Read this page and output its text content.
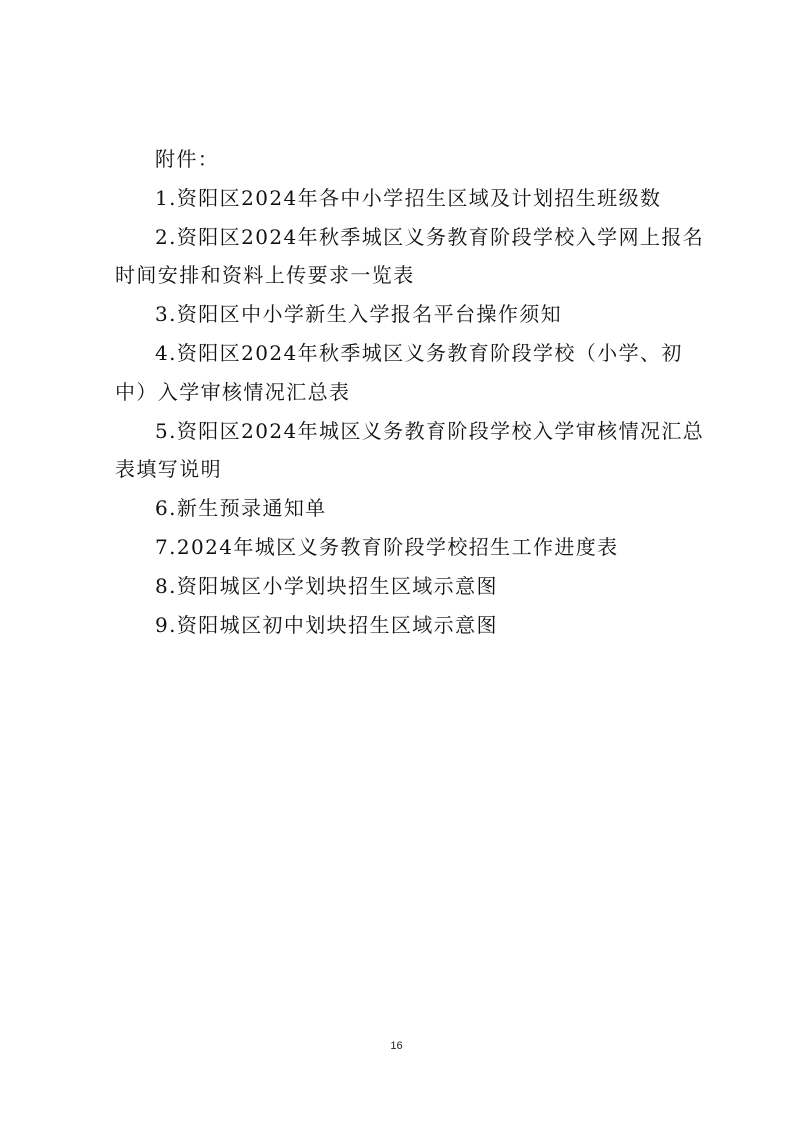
附件：

1.资阳区2024年各中小学招生区域及计划招生班级数

2.资阳区2024年秋季城区义务教育阶段学校入学网上报名时间安排和资料上传要求一览表

3.资阳区中小学新生入学报名平台操作须知

4.资阳区2024年秋季城区义务教育阶段学校（小学、初中）入学审核情况汇总表

5.资阳区2024年城区义务教育阶段学校入学审核情况汇总表填写说明

6.新生预录通知单

7.2024年城区义务教育阶段学校招生工作进度表

8.资阳城区小学划块招生区域示意图

9.资阳城区初中划块招生区域示意图

16
